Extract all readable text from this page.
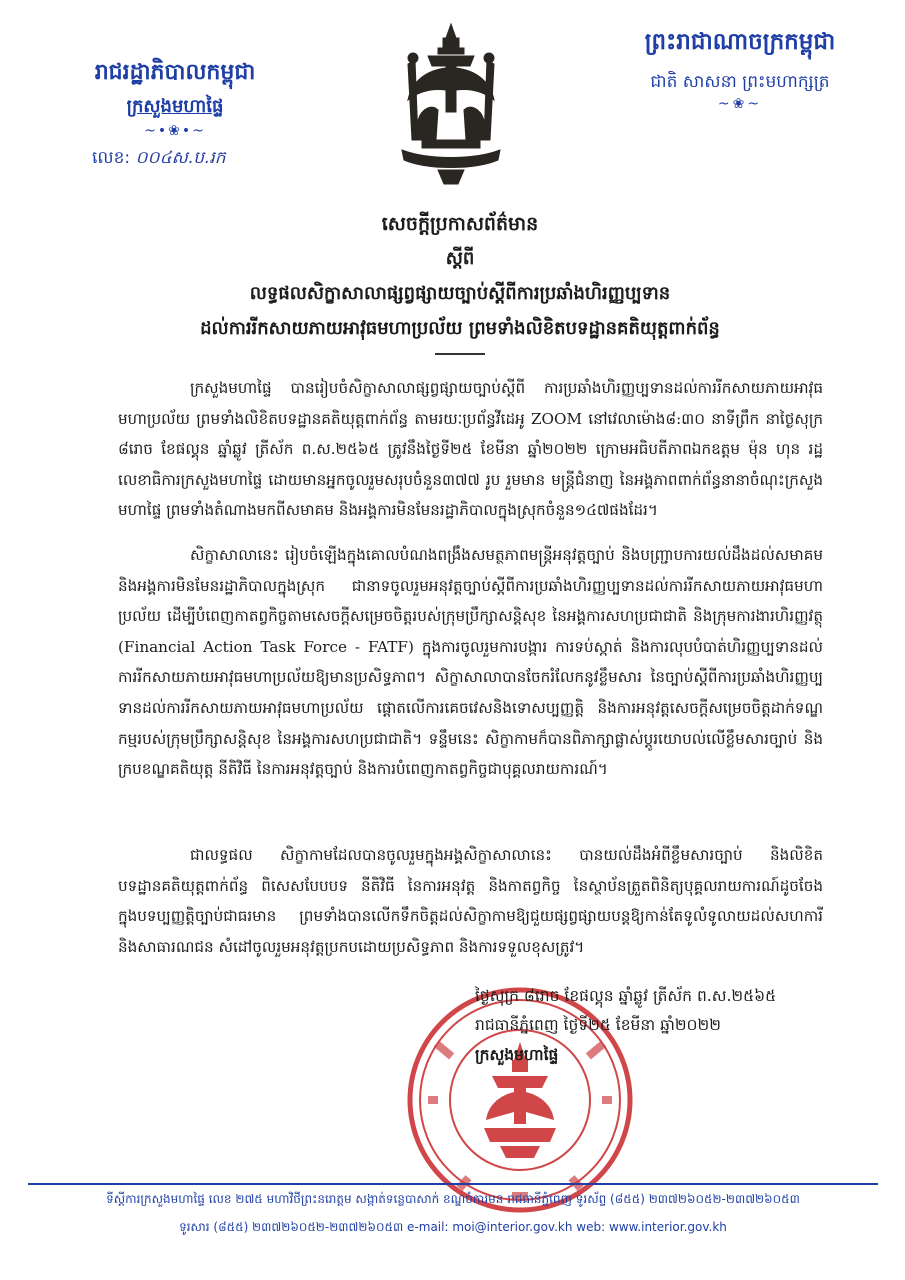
រាជរដ្ឋាភិបាលកម្ពុជា
ក្រសួងមហាផ្ទៃ
~•❀•~
លេខ: ០០៤ស.ប.រក
ព្រះរាជាណាចក្រកម្ពុជា
ជាតិ សាសនា ព្រះមហាក្សត្រ
~❀~
សេចក្តីប្រកាសព័ត៌មាន
ស្តីពី
លទ្ធផលសិក្ខាសាលាផ្សព្វផ្សាយច្បាប់ស្តីពីការប្រឆាំងហិរញ្ញប្បទាន
ដល់ការរីកសាយភាយអាវុធមហាប្រល័យ ព្រមទាំងលិខិតបទដ្ឋានគតិយុត្តពាក់ព័ន្ធ
ក្រសួងមហាផ្ទៃ បានរៀបចំសិក្ខាសាលាផ្សព្វផ្សាយច្បាប់ស្តីពី ការប្រឆាំងហិរញ្ញប្បទានដល់ការរីកសាយភាយអាវុធមហាប្រល័យ ព្រមទាំងលិខិតបទដ្ឋានគតិយុត្តពាក់ព័ន្ធ តាមរយៈប្រព័ន្ធវីដេអូ ZOOM នៅវេលាម៉ោង៨:៣០ នាទីព្រឹក នាថ្ងៃសុក្រ ៨រោច ខែផល្គុន ឆ្នាំឆ្លូវ ត្រីស័ក ព.ស.២៥៦៥ ត្រូវនឹងថ្ងៃទី២៥ ខែមីនា ឆ្នាំ២០២២ ក្រោមអធិបតីភាពឯកឧត្តម ម៉ុន ហុន រដ្ឋលេខាធិការក្រសួងមហាផ្ទៃ ដោយមានអ្នកចូលរួមសរុបចំនួន៣៧៧ រូប រួមមាន មន្ត្រីជំនាញ នៃអង្គភាពពាក់ព័ន្ធនានាចំណុះក្រសួងមហាផ្ទៃ ព្រមទាំងតំណាងមកពីសមាគម និងអង្គការមិនមែនរដ្ឋាភិបាលក្នុងស្រុកចំនួន១៤៧ផងដែរ។
សិក្ខាសាលានេះ រៀបចំឡើងក្នុងគោលបំណងពង្រឹងសមត្ថភាពមន្ត្រីអនុវត្តច្បាប់ និងបញ្ជ្រាបការយល់ដឹងដល់សមាគម និងអង្គការមិនមែនរដ្ឋាភិបាលក្នុងស្រុក ជានាទចូលរួមអនុវត្តច្បាប់ស្តីពីការប្រឆាំងហិរញ្ញប្បទានដល់ការរីកសាយភាយអាវុធមហាប្រល័យ ដើម្បីបំពេញកាតព្វកិច្ចតាមសេចក្តីសម្រេចចិត្តរបស់ក្រុមប្រឹក្សាសន្តិសុខ នៃអង្គការសហប្រជាជាតិ និងក្រុមការងារហិរញ្ញវត្ថុ (Financial Action Task Force - FATF) ក្នុងការចូលរួមការបង្ការ ការទប់ស្កាត់ និងការលុបបំបាត់ហិរញ្ញប្បទានដល់ការរីកសាយភាយអាវុធមហាប្រល័យឱ្យមានប្រសិទ្ធភាព។ សិក្ខាសាលាបានចែករំលែកនូវខ្លឹមសារ នៃច្បាប់ស្តីពីការប្រឆាំងហិរញ្ញប្បទានដល់ការរីកសាយភាយអាវុធមហាប្រល័យ ផ្តោតលើការគេចវេសនិងទោសប្បញ្ញត្តិ និងការអនុវត្តសេចក្តីសម្រេចចិត្តដាក់ទណ្ឌកម្មរបស់ក្រុមប្រឹក្សាសន្តិសុខ នៃអង្គការសហប្រជាជាតិ។ ទន្ទឹមនេះ សិក្ខាកាមក៏បានពិភាក្សាផ្លាស់ប្តូរយោបល់លើខ្លឹមសារច្បាប់ និងក្របខណ្ឌគតិយុត្ត នីតិវិធី នៃការអនុវត្តច្បាប់ និងការបំពេញកាតព្វកិច្ចជាបុគ្គលរាយការណ៍។
ជាលទ្ធផល សិក្ខាកាមដែលបានចូលរួមក្នុងអង្គសិក្ខាសាលានេះ បានយល់ដឹងអំពីខ្លឹមសារច្បាប់ និងលិខិតបទដ្ឋានគតិយុត្តពាក់ព័ន្ធ ពិសេសបែបបទ នីតិវិធី នៃការអនុវត្ត និងកាតព្វកិច្ច នៃស្ថាប័នត្រួតពិនិត្យបុគ្គលរាយការណ៍ដូចចែងក្នុងបទប្បញ្ញត្តិច្បាប់ជាធរមាន ព្រមទាំងបានលើកទឹកចិត្តដល់សិក្ខាកាមឱ្យជួយផ្សព្វផ្សាយបន្តឱ្យកាន់តែទូលំទូលាយដល់សហការី និងសាធារណជន សំដៅចូលរួមអនុវត្តប្រកបដោយប្រសិទ្ធភាព និងការទទួលខុសត្រូវ។
ថ្ងៃសុក្រ ៨រោច ខែផល្គុន ឆ្នាំឆ្លូវ ត្រីស័ក ព.ស.២៥៦៥
រាជធានីភ្នំពេញ ថ្ងៃទី២៥ ខែមីនា ឆ្នាំ២០២២
ក្រសួងមហាផ្ទៃ
ទីស្តីការក្រសួងមហាផ្ទៃ លេខ ២៧៥ មហាវិថីព្រះនរោត្តម សង្កាត់ទន្លេបាសាក់ ខណ្ឌចំការមន រាជធានីភ្នំពេញ ទូរស័ព្ទ (៨៥៥) ២៣៧២៦០៥២-២៣៧២៦០៥៣
ទូរសារ (៨៥៥) ២៣៧២៦០៥២-២៣៧២៦០៥៣ e-mail: moi@interior.gov.kh web: www.interior.gov.kh
